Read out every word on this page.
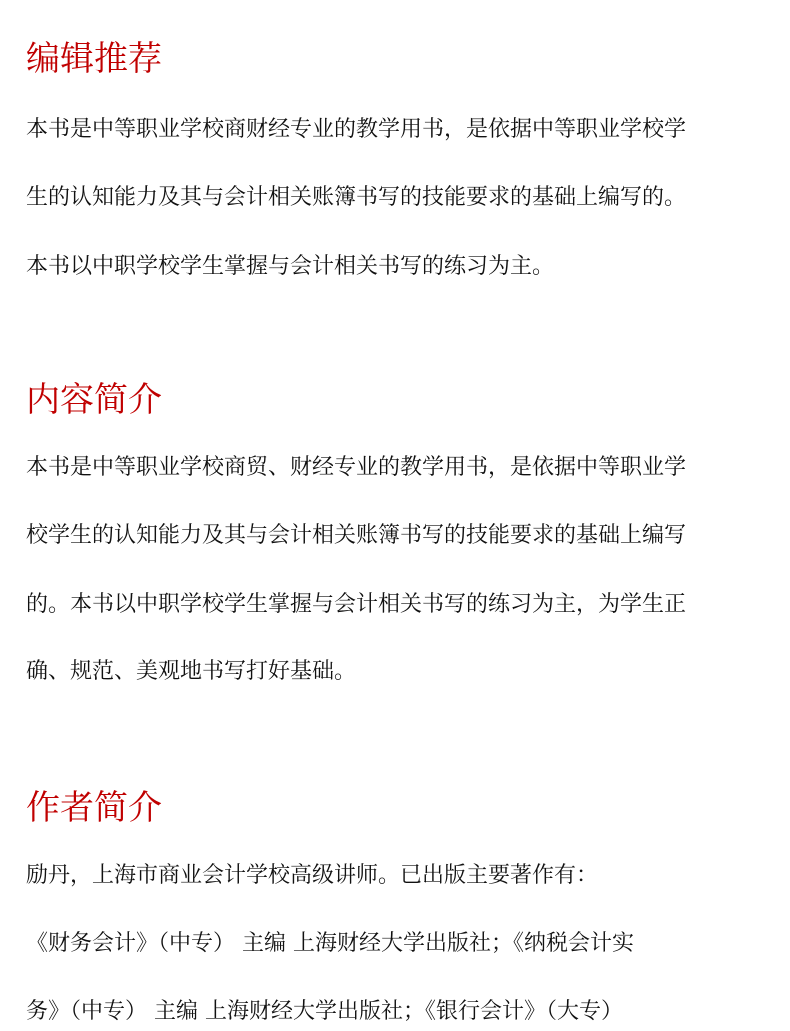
编辑推荐

本书是中等职业学校商财经专业的教学用书，是依据中等职业学校学

生的认知能力及其与会计相关账簿书写的技能要求的基础上编写的。

本书以中职学校学生掌握与会计相关书写的练习为主。

内容简介

本书是中等职业学校商贸、财经专业的教学用书，是依据中等职业学

校学生的认知能力及其与会计相关账簿书写的技能要求的基础上编写

的。本书以中职学校学生掌握与会计相关书写的练习为主，为学生正

确、规范、美观地书写打好基础。

作者简介

励丹，上海市商业会计学校高级讲师。已出版主要著作有：

《财务会计》（中专） 主编 上海财经大学出版社；《纳税会计实

务》（中专） 主编 上海财经大学出版社；《银行会计》（大专）
